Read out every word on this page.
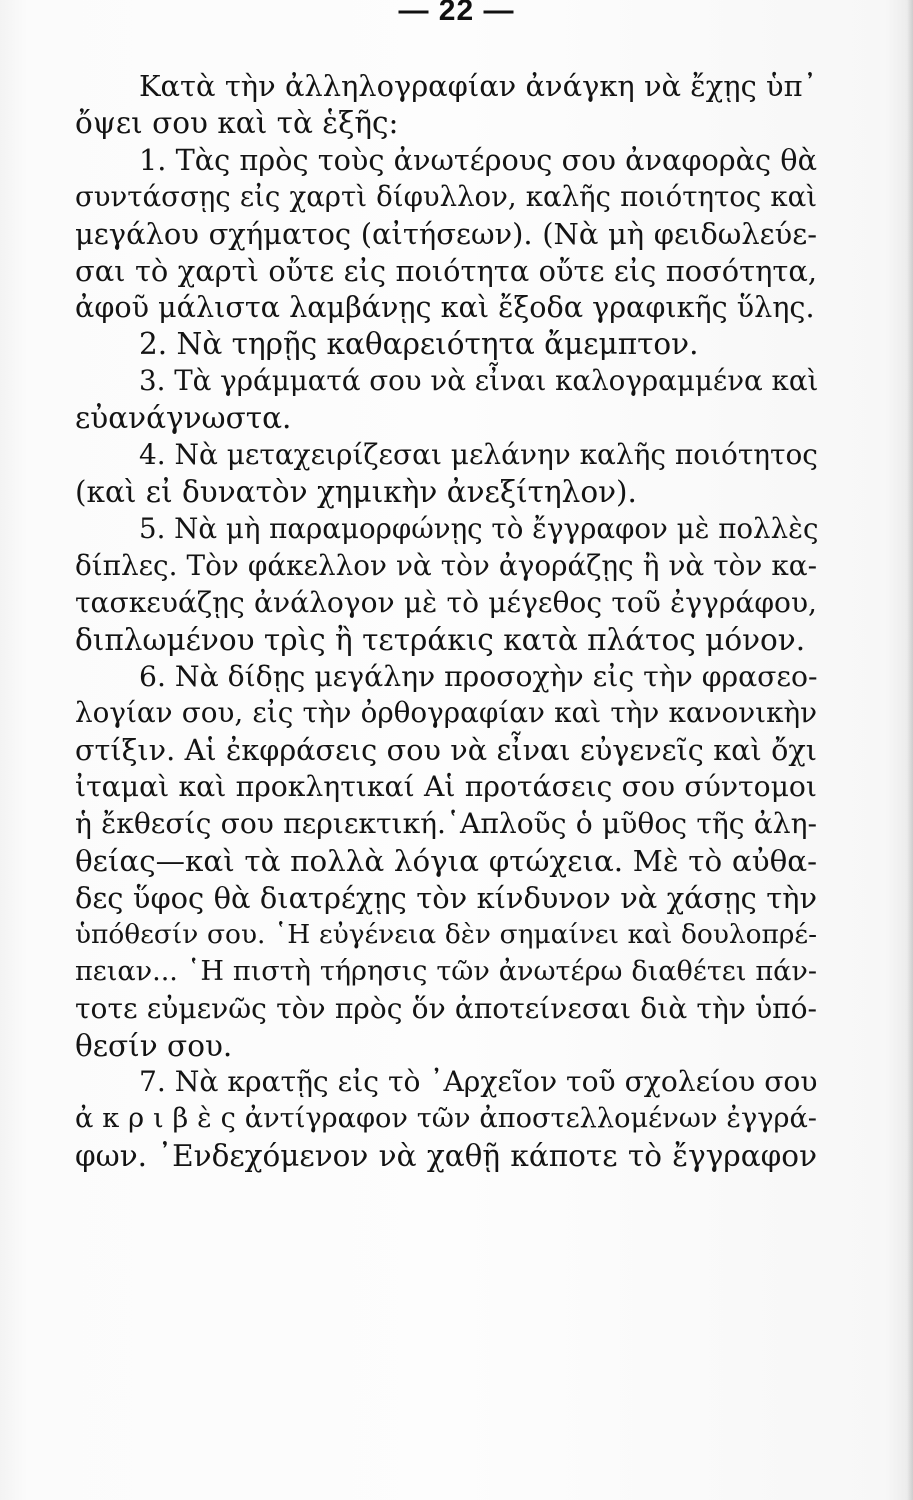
— 22 —
Κατὰ τὴν ἀλληλογραφίαν ἀνάγκη νὰ ἔχῃς ὑπ᾽
ὄψει σου καὶ τὰ ἑξῆς:
1. Τὰς πρὸς τοὺς ἀνωτέρους σου ἀναφορὰς θὰ
συντάσσῃς εἰς χαρτὶ δίφυλλον, καλῆς ποιότητος καὶ
μεγάλου σχήματος (αἰτήσεων). (Νὰ μὴ φειδωλεύε-
σαι τὸ χαρτὶ οὔτε εἰς ποιότητα οὔτε εἰς ποσότητα,
ἀφοῦ μάλιστα λαμβάνῃς καὶ ἔξοδα γραφικῆς ὕλης.
2. Νὰ τηρῇς καθαρειότητα ἄμεμπτον.
3. Τὰ γράμματά σου νὰ εἶναι καλογραμμένα καὶ
εὐανάγνωστα.
4. Νὰ μεταχειρίζεσαι μελάνην καλῆς ποιότητος
(καὶ εἰ δυνατὸν χημικὴν ἀνεξίτηλον).
5. Νὰ μὴ παραμορφώνῃς τὸ ἔγγραφον μὲ πολλὲς
δίπλες. Τὸν φάκελλον νὰ τὸν ἀγοράζῃς ἢ νὰ τὸν κα-
τασκευάζῃς ἀνάλογον μὲ τὸ μέγεθος τοῦ ἐγγράφου,
διπλωμένου τρὶς ἢ τετράκις κατὰ πλάτος μόνον.
6. Νὰ δίδῃς μεγάλην προσοχὴν εἰς τὴν φρασεο-
λογίαν σου, εἰς τὴν ὀρθογραφίαν καὶ τὴν κανονικὴν
στίξιν. Αἱ ἐκφράσεις σου νὰ εἶναι εὐγενεῖς καὶ ὄχι
ἰταμαὶ καὶ προκλητικαί Αἱ προτάσεις σου σύντομοι
ἡ ἔκθεσίς σου περιεκτική.῾Απλοῦς ὁ μῦθος τῆς ἀλη-
θείας—καὶ τὰ πολλὰ λόγια φτώχεια. Μὲ τὸ αὐθα-
δες ὕφος θὰ διατρέχῃς τὸν κίνδυνον νὰ χάσῃς τὴν
ὑπόθεσίν σου. ῾Η εὐγένεια δὲν σημαίνει καὶ δουλοπρέ-
πειαν... ῾Η πιστὴ τήρησις τῶν ἀνωτέρω διαθέτει πάν-
τοτε εὐμενῶς τὸν πρὸς ὅν ἀποτείνεσαι διὰ τὴν ὑπό-
θεσίν σου.
7. Νὰ κρατῇς εἰς τὸ ᾽Αρχεῖον τοῦ σχολείου σου
ἀ κ ρ ι β ὲ ς ἀντίγραφον τῶν ἀποστελλομένων ἐγγρά-
φων. ᾽Ενδεχόμενον νὰ χαθῇ κάποτε τὸ ἔγγραφον
